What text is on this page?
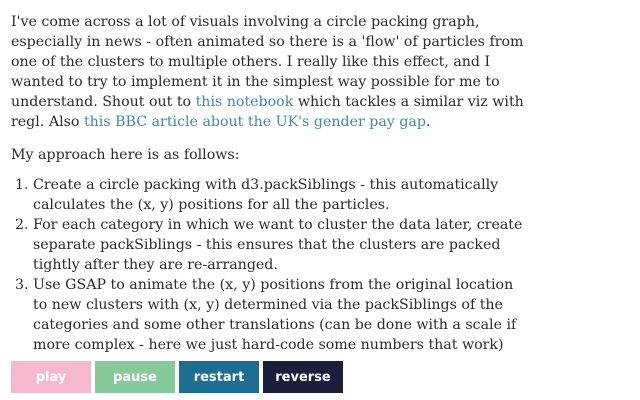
I've come across a lot of visuals involving a circle packing graph, especially in news - often animated so there is a 'flow' of particles from one of the clusters to multiple others. I really like this effect, and I wanted to try to implement it in the simplest way possible for me to understand. Shout out to this notebook which tackles a similar viz with regl. Also this BBC article about the UK's gender pay gap.

My approach here is as follows:

1. Create a circle packing with d3.packSiblings - this automatically calculates the (x, y) positions for all the particles.
2. For each category in which we want to cluster the data later, create separate packSiblings - this ensures that the clusters are packed tightly after they are re-arranged.
3. Use GSAP to animate the (x, y) positions from the original location to new clusters with (x, y) determined via the packSiblings of the categories and some other translations (can be done with a scale if more complex - here we just hard-code some numbers that work)
play	pause	restart	reverse
